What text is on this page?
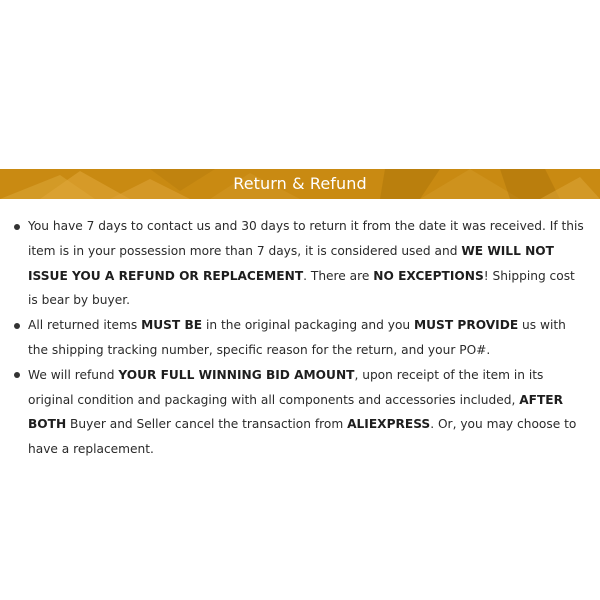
Return & Refund
You have 7 days to contact us and 30 days to return it from the date it was received. If this item is in your possession more than 7 days, it is considered used and WE WILL NOT ISSUE YOU A REFUND OR REPLACEMENT. There are NO EXCEPTIONS! Shipping cost is bear by buyer.
All returned items MUST BE in the original packaging and you MUST PROVIDE us with the shipping tracking number, specific reason for the return, and your PO#.
We will refund YOUR FULL WINNING BID AMOUNT, upon receipt of the item in its original condition and packaging with all components and accessories included, AFTER BOTH Buyer and Seller cancel the transaction from ALIEXPRESS. Or, you may choose to have a replacement.
